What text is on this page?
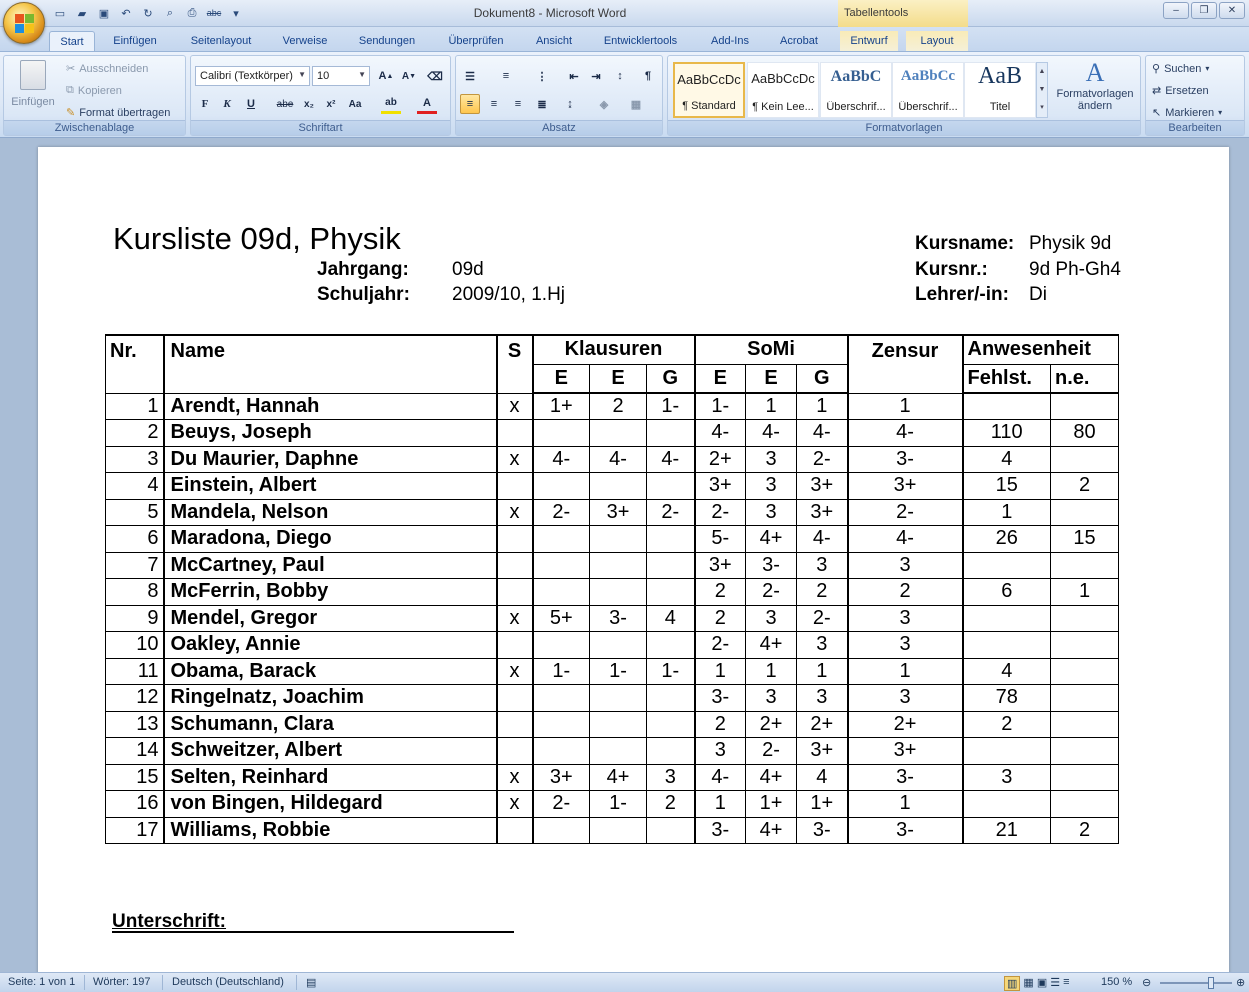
▭	▰	▣	↶	↻	⌕	⎙	abc	▾	Dokument8 - Microsoft Word	Tabellentools	–	❐	✕
Start	Einfügen	Seitenlayout	Verweise	Sendungen	Überprüfen	Ansicht	Entwicklertools	Add-Ins	Acrobat	Entwurf	Layout
Einfügen
✂ Ausschneiden
⧉ Kopieren
✎ Format übertragen
Zwischenablage
Calibri (Textkörper) ▼	10	▼ A ▲ A ▼ ⌫
F	K	U	abe	x₂	x²	Aa	ab	A
Schriftart
☰	≡	⋮	⇤	⇥	↕	¶
≡	≡	≡	≣	↨	◈	▦
Absatz
AaBbCcDc
¶ Standard
AaBbCcDc
¶ Kein Lee...
AaBbC
Überschrif...
AaBbCc
Überschrif...
AaB
Titel
▲
▼
▾
A
Formatvorlagen
ändern
Formatvorlagen
⚲ Suchen ▾
⇄ Ersetzen
↖ Markieren ▾
Bearbeiten
Kursliste 09d, Physik
Jahrgang: 09d
Schuljahr: 2009/10, 1.Hj
Kursname: Physik 9d
Kursnr.: 9d Ph-Gh4
Lehrer/-in: Di
Nr.	Name	S	Klausuren			SoMi			Zensur	Anwesenheit	
			E	E	G	E	E	G		Fehlst.	n.e.
1	Arendt, Hannah	x	1+	2	1-	1-	1	1	1		
2	Beuys, Joseph					4-	4-	4-	4-	110	80
3	Du Maurier, Daphne	x	4-	4-	4-	2+	3	2-	3-	4	
4	Einstein, Albert					3+	3	3+	3+	15	2
5	Mandela, Nelson	x	2-	3+	2-	2-	3	3+	2-	1	
6	Maradona, Diego					5-	4+	4-	4-	26	15
7	McCartney, Paul					3+	3-	3	3		
8	McFerrin, Bobby					2	2-	2	2	6	1
9	Mendel, Gregor	x	5+	3-	4	2	3	2-	3		
10	Oakley, Annie					2-	4+	3	3		
11	Obama, Barack	x	1-	1-	1-	1	1	1	1	4	
12	Ringelnatz, Joachim					3-	3	3	3	78	
13	Schumann, Clara					2	2+	2+	2+	2	
14	Schweitzer, Albert					3	2-	3+	3+		
15	Selten, Reinhard	x	3+	4+	3	4-	4+	4	3-	3	
16	von Bingen, Hildegard	x	2-	1-	2	1	1+	1+	1		
17	Williams, Robbie					3-	4+	3-	3-	21	2
Unterschrift:
Seite: 1 von 1 Wörter: 197 Deutsch (Deutschland) ▤	▥ ▦ ▣ ☰ ≡	150 % ⊖	⊕
